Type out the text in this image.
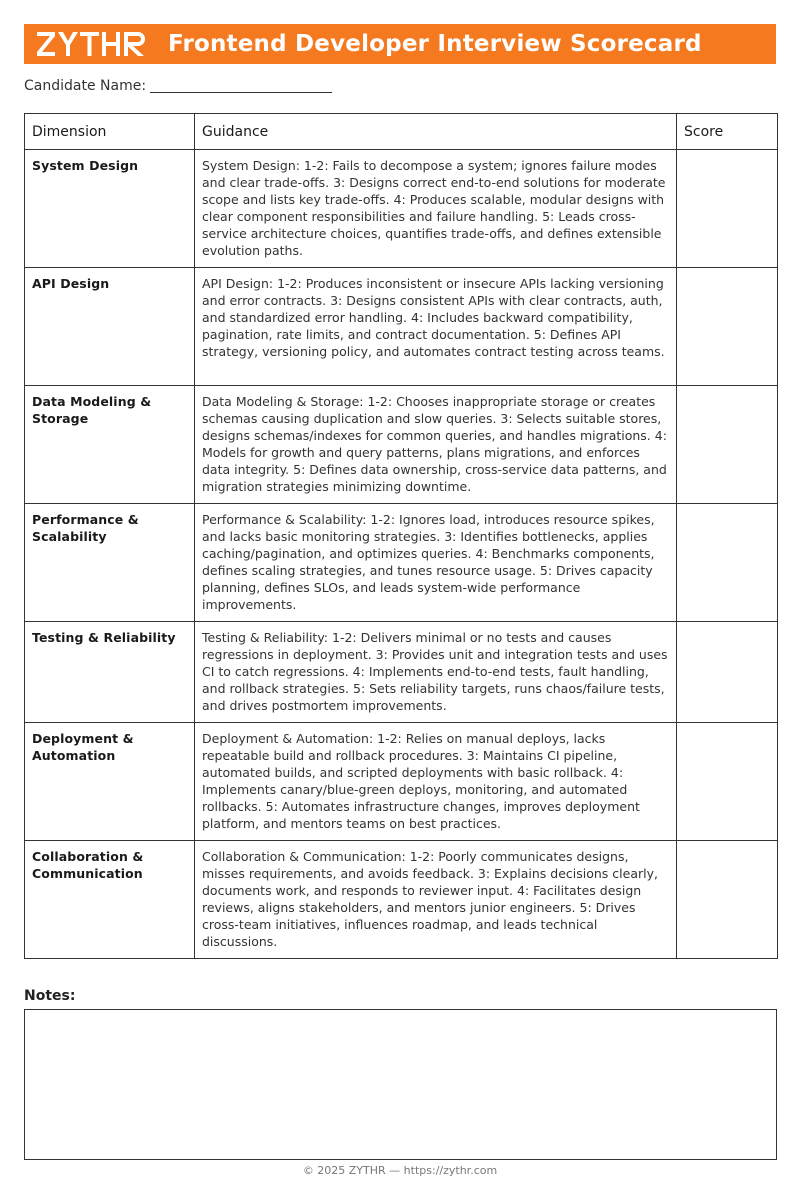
Frontend Developer Interview Scorecard
Candidate Name:
Dimension	Guidance	Score
System Design	System Design: 1-2: Fails to decompose a system; ignores failure modes and clear trade-offs. 3: Designs correct end-to-end solutions for moderate scope and lists key trade-offs. 4: Produces scalable, modular designs with clear component responsibilities and failure handling. 5: Leads cross-service architecture choices, quantifies trade-offs, and defines extensible evolution paths.	
API Design	API Design: 1-2: Produces inconsistent or insecure APIs lacking versioning and error contracts. 3: Designs consistent APIs with clear contracts, auth, and standardized error handling. 4: Includes backward compatibility, pagination, rate limits, and contract documentation. 5: Defines API strategy, versioning policy, and automates contract testing across teams.	
Data Modeling & Storage	Data Modeling & Storage: 1-2: Chooses inappropriate storage or creates schemas causing duplication and slow queries. 3: Selects suitable stores, designs schemas/indexes for common queries, and handles migrations. 4: Models for growth and query patterns, plans migrations, and enforces data integrity. 5: Defines data ownership, cross-service data patterns, and migration strategies minimizing downtime.	
Performance & Scalability	Performance & Scalability: 1-2: Ignores load, introduces resource spikes, and lacks basic monitoring strategies. 3: Identifies bottlenecks, applies caching/pagination, and optimizes queries. 4: Benchmarks components, defines scaling strategies, and tunes resource usage. 5: Drives capacity planning, defines SLOs, and leads system-wide performance improvements.	
Testing & Reliability	Testing & Reliability: 1-2: Delivers minimal or no tests and causes regressions in deployment. 3: Provides unit and integration tests and uses CI to catch regressions. 4: Implements end-to-end tests, fault handling, and rollback strategies. 5: Sets reliability targets, runs chaos/failure tests, and drives postmortem improvements.	
Deployment & Automation	Deployment & Automation: 1-2: Relies on manual deploys, lacks repeatable build and rollback procedures. 3: Maintains CI pipeline, automated builds, and scripted deployments with basic rollback. 4: Implements canary/blue-green deploys, monitoring, and automated rollbacks. 5: Automates infrastructure changes, improves deployment platform, and mentors teams on best practices.	
Collaboration & Communication	Collaboration & Communication: 1-2: Poorly communicates designs, misses requirements, and avoids feedback. 3: Explains decisions clearly, documents work, and responds to reviewer input. 4: Facilitates design reviews, aligns stakeholders, and mentors junior engineers. 5: Drives cross-team initiatives, influences roadmap, and leads technical discussions.	
Notes:
© 2025 ZYTHR — https://zythr.com
